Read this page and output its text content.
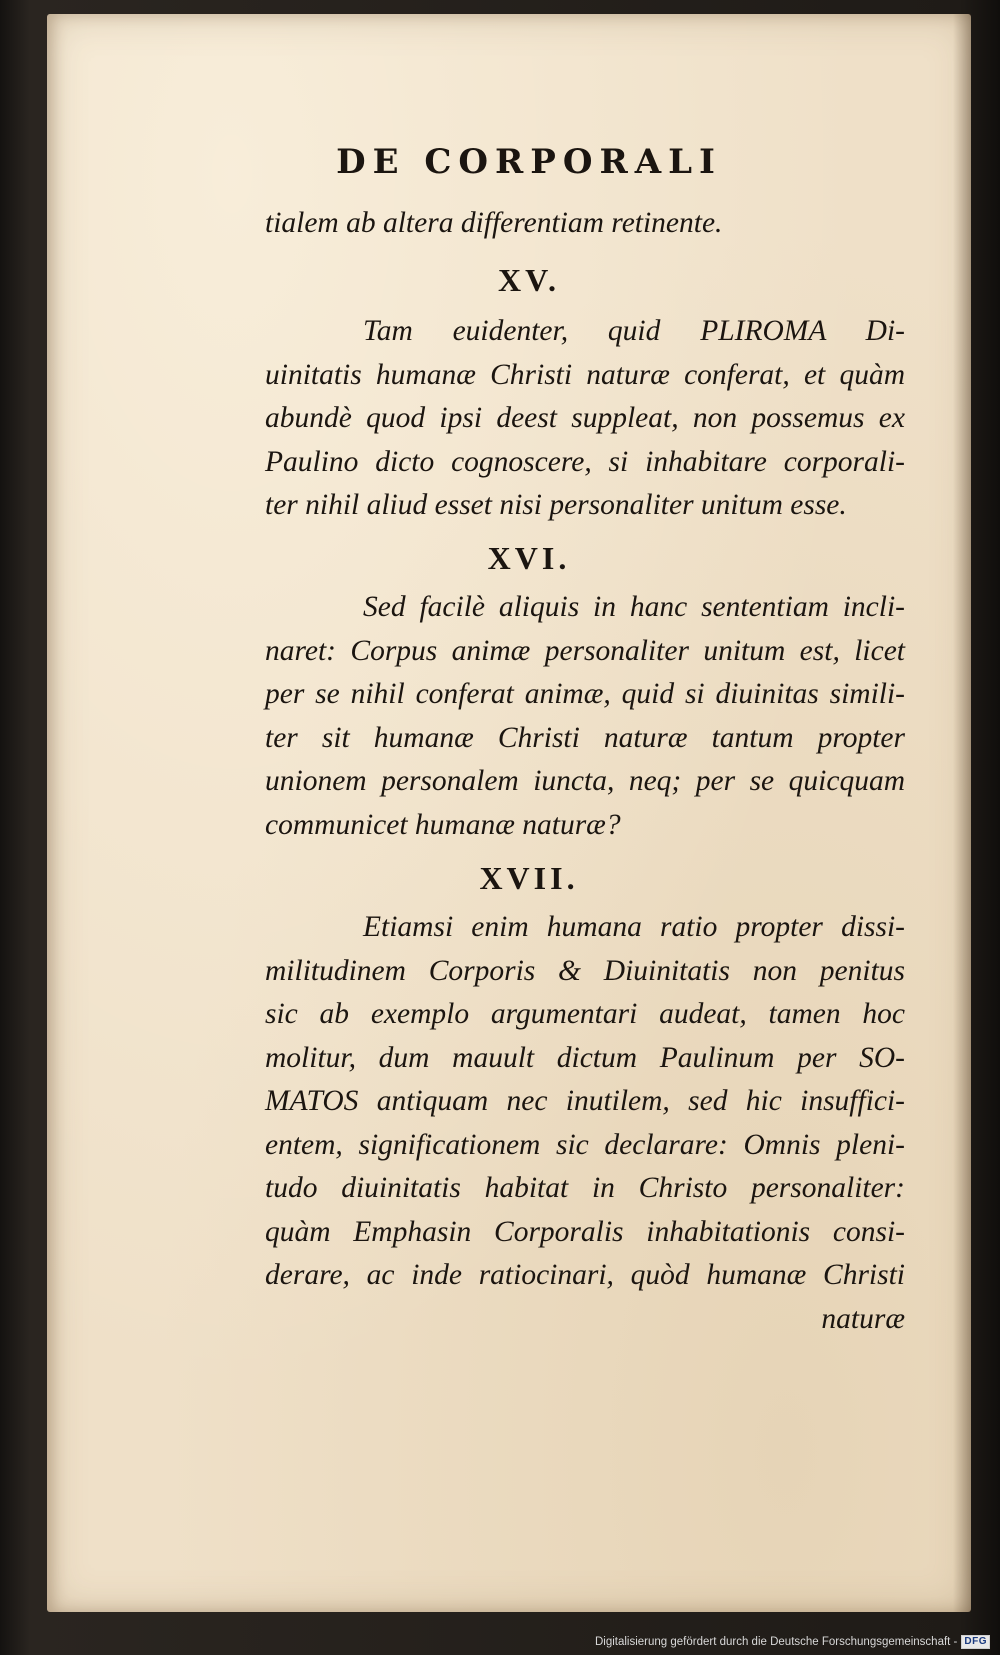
DE CORPORALI
tialem ab altera differentiam retinente.
XV.
Tam euidenter, quid PLIROMA Di-
uinitatis humanæ Christi naturæ conferat, et quàm
abundè quod ipsi deest suppleat, non possemus ex
Paulino dicto cognoscere, si inhabitare corporali-
ter nihil aliud esset nisi personaliter unitum esse.
XVI.
Sed facilè aliquis in hanc sententiam incli-
naret: Corpus animæ personaliter unitum est, licet
per se nihil conferat animæ, quid si diuinitas simili-
ter sit humanæ Christi naturæ tantum propter
unionem personalem iuncta, neq; per se quicquam
communicet humanæ naturæ?
XVII.
Etiamsi enim humana ratio propter dissi-
militudinem Corporis & Diuinitatis non penitus
sic ab exemplo argumentari audeat, tamen hoc
molitur, dum mauult dictum Paulinum per SO-
MATOS antiquam nec inutilem, sed hic insuffici-
entem, significationem sic declarare: Omnis pleni-
tudo diuinitatis habitat in Christo personaliter:
quàm Emphasin Corporalis inhabitationis consi-
derare, ac inde ratiocinari, quòd humanæ Christi
naturæ
Digitalisierung gefördert durch die Deutsche Forschungsgemeinschaft - DFG
